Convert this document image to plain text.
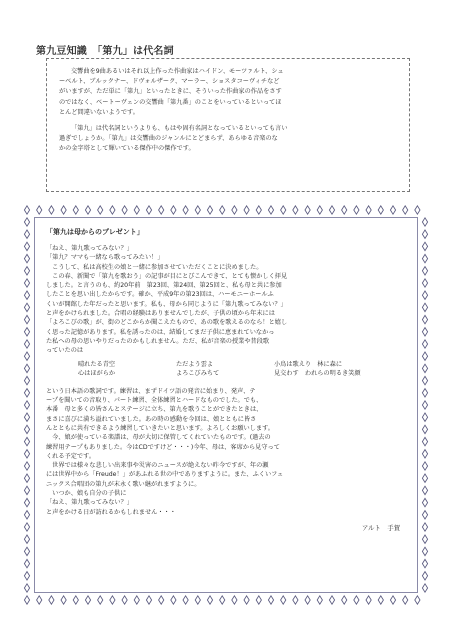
第九豆知識　「第九」は代名詞
交響曲を9曲あるいはそれ以上作った作曲家はハイドン、モーツァルト、シュ
ーベルト、ブルックナー、ドヴォルザーク、マーラー、ショスタコーヴィチなど
がいますが、ただ単に「第九」といったときに、そういった作曲家の作品をさす
のではなく、ベートーヴェンの交響曲「第九番」のことをいっているといってほ
とんど間違いないようです。
「第九」は代名詞というよりも、もはや固有名詞となっているといっても言い
過ぎでしょうか。「第九」は交響曲のジャンルにとどまらず、あらゆる音楽のな
かの金字塔として輝いている傑作中の傑作です。
「第九は母からのプレゼント」
「ねえ、第九歌ってみない？」
「第九？ママも一緒なら歌ってみたい！」
　こうして、私は高校生の娘と一緒に参加させていただくことに決めました。
　この春、新聞で「第九を歌おう」の記事が目にとびこんできて、とても懐かしく拝見
しました。と言うのも、約20年前　第23回、第24回、第25回と、私も母と共に参加
したことを思い出したからです。確か、平成9年の第23回は、ハーモニーホールふ
くいが開館した年だったと思います。私も、母から同じように「第九歌ってみない？」
と声をかけられました。合唱の経験はありませんでしたが、子供の頃から年末には
「よろこびの歌」が、街のどこからか聞こえたもので、あの歌を歌えるのなら！と嬉し
く思った記憶があります。私を誘ったのは、結婚してまだ子供に恵まれていなかっ
た私への母の思いやりだったのかもしれません。ただ、私が音楽の授業や昔段歌
っていたのは
晴れたる青空	ただよう雲よ	小鳥は歌えり　林に森に
心はほがらか	よろこびみちて	見交わす　われらの明るき笑顔
という日本語の歌詞です。練習は、まずドイツ語の発音に始まり、発声、テ
ープを聞いての音取り、パート練習、全体練習とハードなものでした。でも、
本番　母と多くの皆さんとステージに立ち、第九を歌うことができたときは、
まさに喜びに満ち溢れていました。あの時の感動を今回は、娘とともに皆さ
んとともに共有できるよう練習していきたいと思います。よろしくお願いします。
　今、娘が使っている楽譜は、母が大切に保管してくれていたものです。(過去の
練習用テープもありました。今はCDですけど・・・)今年、母は、客席から見守って
くれる予定です。
　世界では様々な悲しい出来事や災害のニュースが絶えない昨今ですが、年の瀬
には世界中から「Freude！」があふれる世の中でありますように。また、ふくいフェ
ニックス合唱団の第九が末永く歌い継がれますように。
　いつか、娘も自分の子供に
「ねえ、第九歌ってみない？」
と声をかける日が訪れるかもしれません・・・
アルト　手賀
